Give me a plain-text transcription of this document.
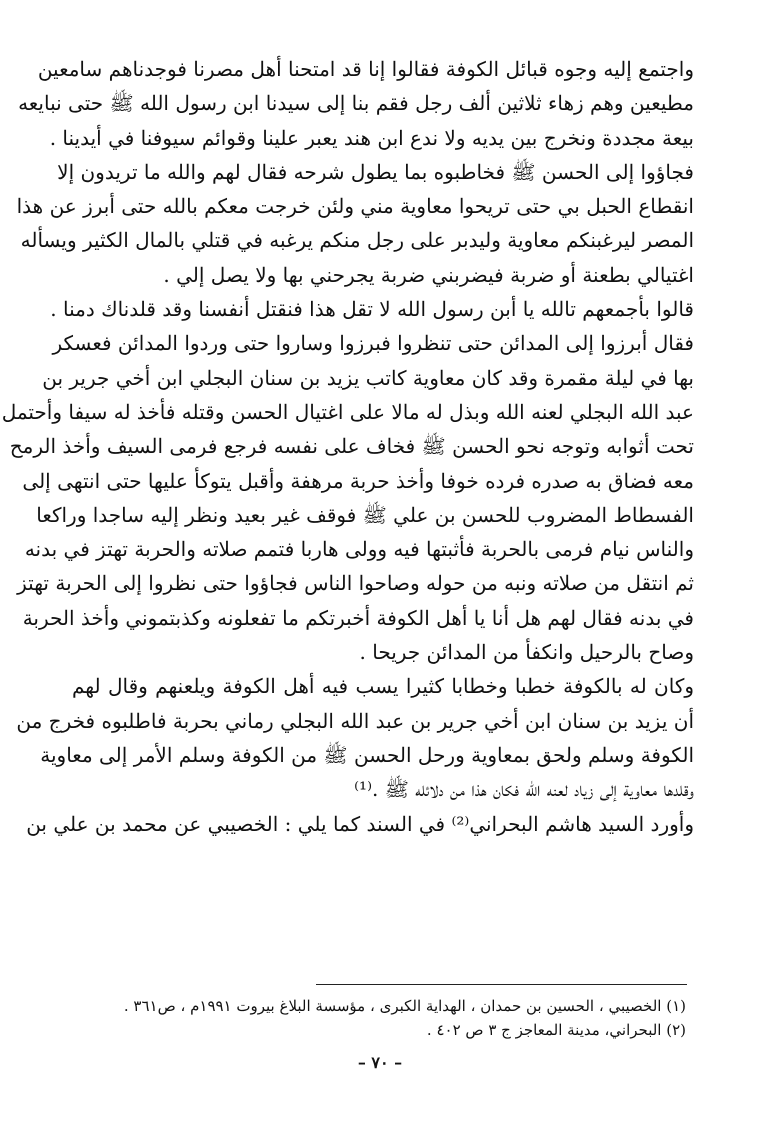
واجتمع إليه وجوه قبائل الكوفة فقالوا إنا قد امتحنا أهل مصرنا فوجدناهم سامعين
مطيعين وهم زهاء ثلاثين ألف رجل فقم بنا إلى سيدنا ابن رسول الله ﷺ حتى نبايعه
بيعة مجددة ونخرج بين يديه ولا ندع ابن هند يعبر علينا وقوائم سيوفنا في أيدينا .
فجاؤوا إلى الحسن ﷺ فخاطبوه بما يطول شرحه فقال لهم والله ما تريدون إلا
انقطاع الحبل بي حتى تريحوا معاوية مني ولئن خرجت معكم بالله حتى أبرز عن هذا
المصر ليرغبنكم معاوية وليدبر على رجل منكم يرغبه في قتلي بالمال الكثير ويسأله
اغتيالي بطعنة أو ضربة فيضربني ضربة يجرحني بها ولا يصل إلي .
قالوا بأجمعهم تالله يا أبن رسول الله لا تقل هذا فنقتل أنفسنا وقد قلدناك دمنا .
فقال أبرزوا إلى المدائن حتى تنظروا فبرزوا وساروا حتى وردوا المدائن فعسكر
بها في ليلة مقمرة وقد كان معاوية كاتب يزيد بن سنان البجلي ابن أخي جرير بن
عبد الله البجلي لعنه الله وبذل له مالا على اغتيال الحسن وقتله فأخذ له سيفا وأحتمل
تحت أثوابه وتوجه نحو الحسن ﷺ فخاف على نفسه فرجع فرمى السيف وأخذ الرمح
معه فضاق به صدره فرده خوفا وأخذ حربة مرهفة وأقبل يتوكأ عليها حتى انتهى إلى
الفسطاط المضروب للحسن بن علي ﷺ فوقف غير بعيد ونظر إليه ساجدا وراكعا
والناس نيام فرمى بالحربة فأثبتها فيه وولى هاربا فتمم صلاته والحربة تهتز في بدنه
ثم انتقل من صلاته ونبه من حوله وصاحوا الناس فجاؤوا حتى نظروا إلى الحربة تهتز
في بدنه فقال لهم هل أنا يا أهل الكوفة أخبرتكم ما تفعلونه وكذبتموني وأخذ الحربة
وصاح بالرحيل وانكفأ من المدائن جريحا .
وكان له بالكوفة خطبا وخطابا كثيرا يسب فيه أهل الكوفة ويلعنهم وقال لهم
أن يزيد بن سنان ابن أخي جرير بن عبد الله البجلي رماني بحربة فاطلبوه فخرج من
الكوفة وسلم ولحق بمعاوية ورحل الحسن ﷺ من الكوفة وسلم الأمر إلى معاوية
وقلدها معاوية إلى زياد لعنه الله فكان هذا من دلائله ﷺ .⁽¹⁾
وأورد السيد هاشم البحراني⁽²⁾ في السند كما يلي : الخصيبي عن محمد بن علي بن
(١) الخصيبي ، الحسين بن حمدان ، الهداية الكبرى ، مؤسسة البلاغ بيروت ١٩٩١م ، ص٣٦١ .
(٢) البحراني، مدينة المعاجز ج ٣ ص ٤٠٢ .
– ٧٠ –
